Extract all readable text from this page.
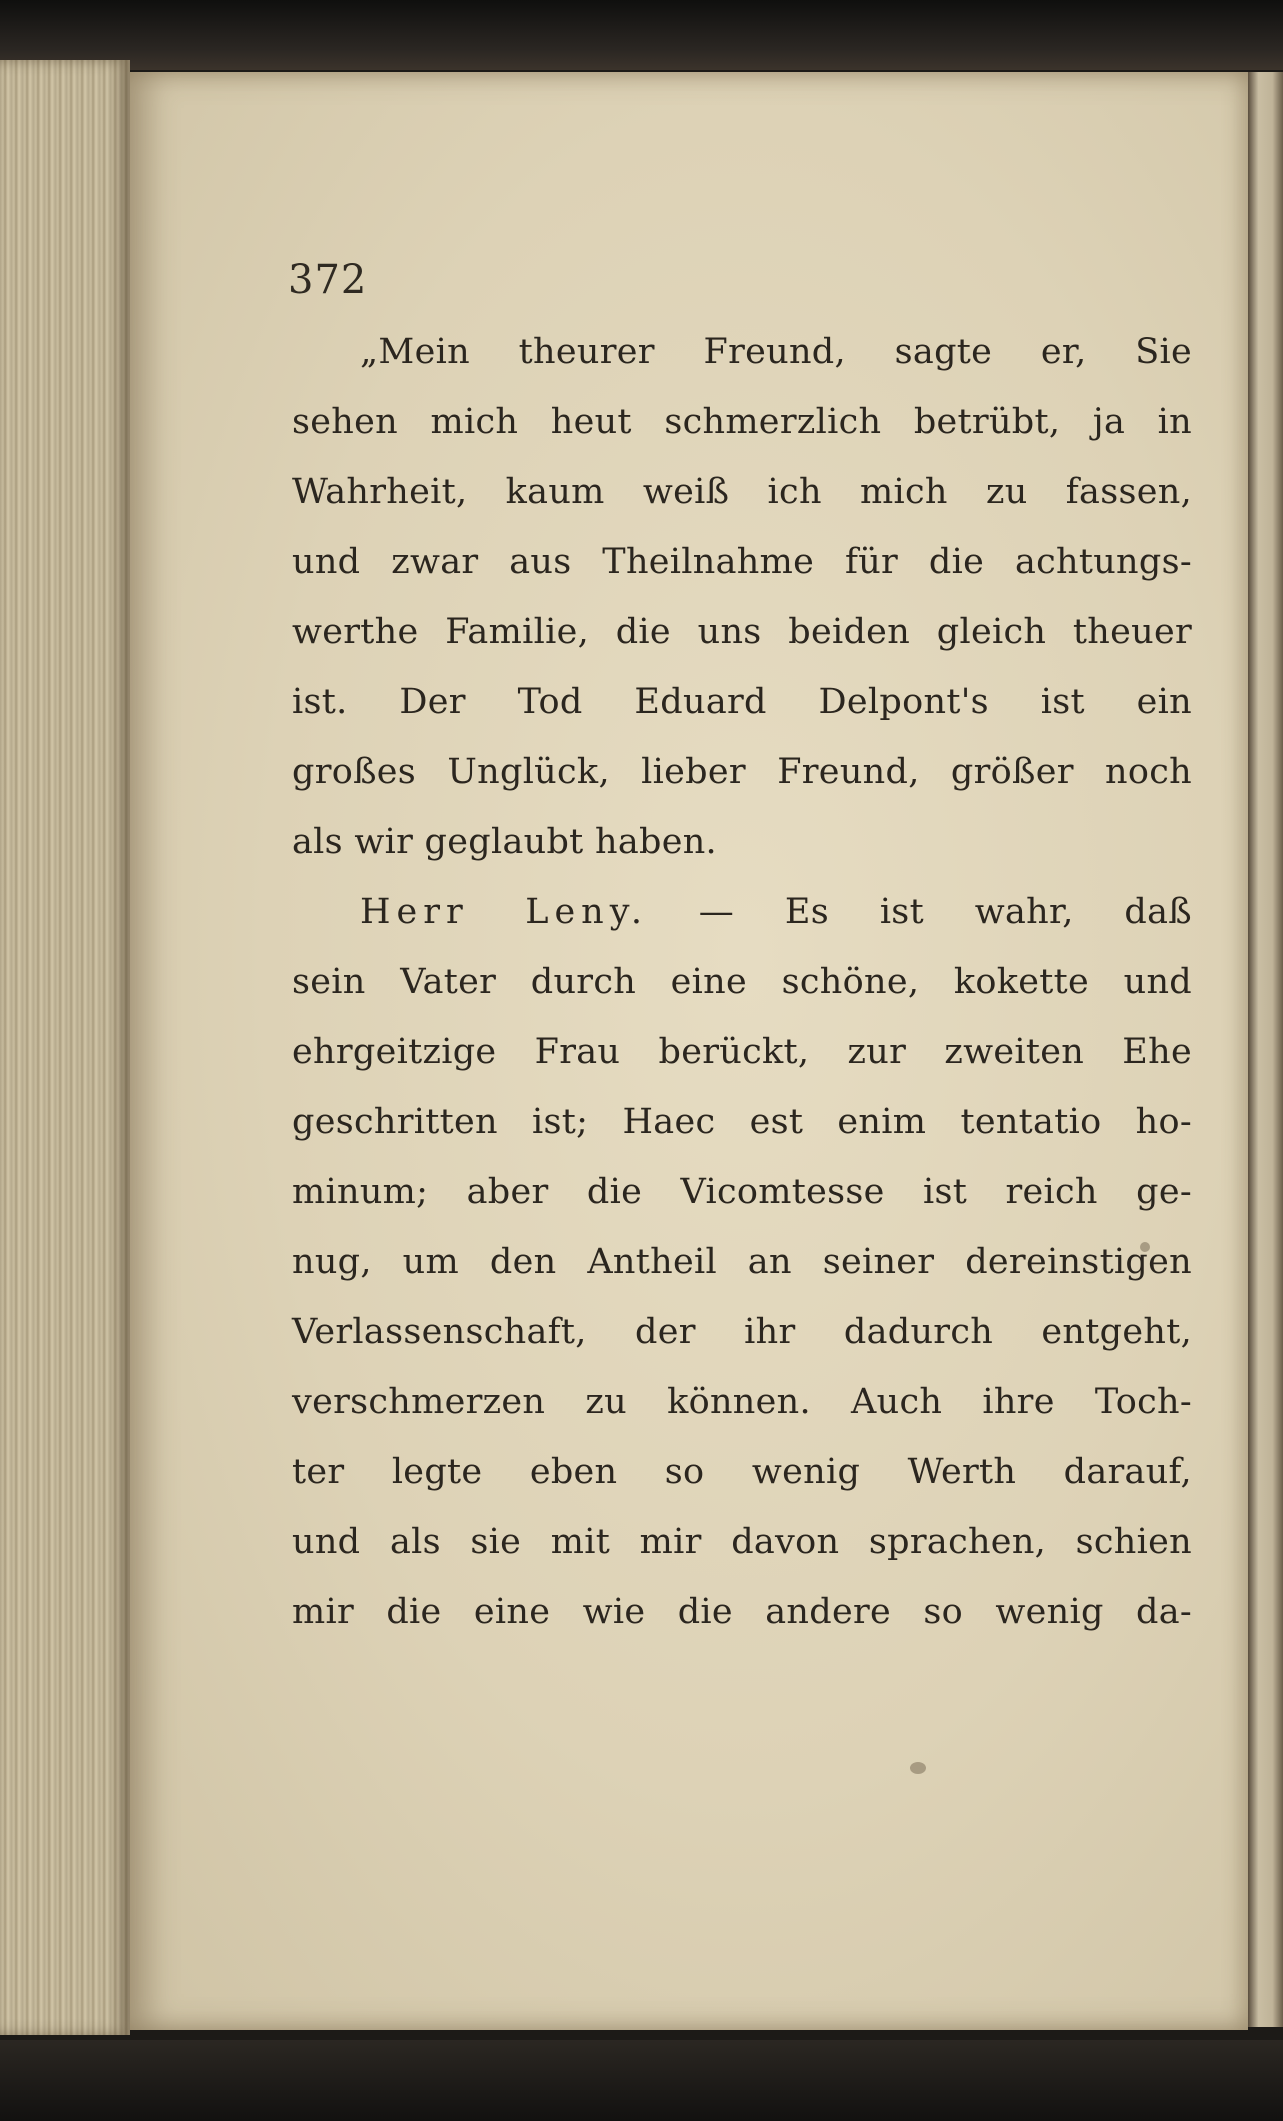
372
„Mein theurer Freund, sagte er, Sie
sehen mich heut schmerzlich betrübt, ja in
Wahrheit, kaum weiß ich mich zu fassen,
und zwar aus Theilnahme für die achtungs-
werthe Familie, die uns beiden gleich theuer
ist. Der Tod Eduard Delpont's ist ein
großes Unglück, lieber Freund, größer noch
als wir geglaubt haben.
Herr Leny. — Es ist wahr, daß
sein Vater durch eine schöne, kokette und
ehrgeitzige Frau berückt, zur zweiten Ehe
geschritten ist; Haec est enim tentatio ho-
minum; aber die Vicomtesse ist reich ge-
nug, um den Antheil an seiner dereinstigen
Verlassenschaft, der ihr dadurch entgeht,
verschmerzen zu können. Auch ihre Toch-
ter legte eben so wenig Werth darauf,
und als sie mit mir davon sprachen, schien
mir die eine wie die andere so wenig da-
